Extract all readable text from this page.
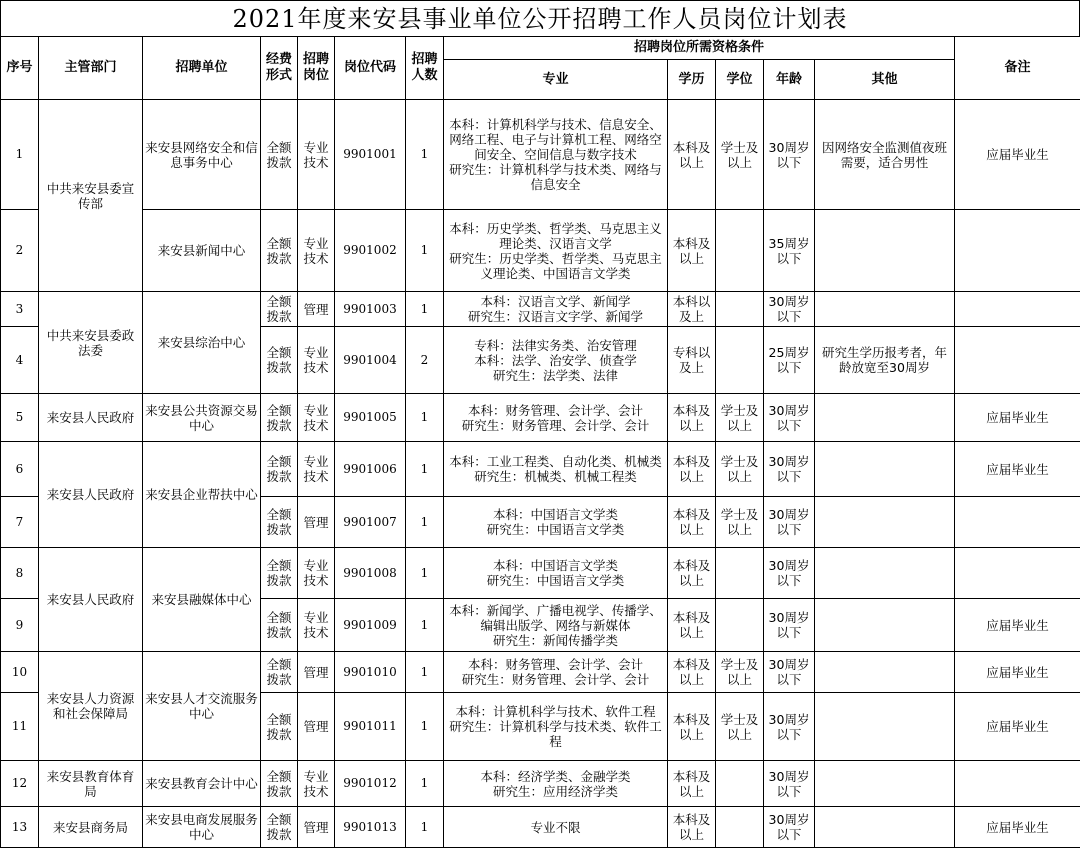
2021年度来安县事业单位公开招聘工作人员岗位计划表
序号	主管部门	招聘单位	经费形式	招聘岗位	岗位代码	招聘人数	招聘岗位所需资格条件					备注
							专业	学历	学位	年龄	其他	
1	中共来安县委宣传部	来安县网络安全和信息事务中心	全额拨款	专业技术	9901001	1	本科：计算机科学与技术、信息安全、网络工程、电子与计算机工程、网络空间安全、空间信息与数字技术
研究生：计算机科学与技术类、网络与信息安全	本科及以上	学士及以上	30周岁以下	因网络安全监测值夜班需要，适合男性	应届毕业生
2		来安县新闻中心	全额拨款	专业技术	9901002	1	本科：历史学类、哲学类、马克思主义理论类、汉语言文学
研究生：历史学类、哲学类、马克思主义理论类、中国语言文学类	本科及以上		35周岁以下		
3	中共来安县委政法委	来安县综治中心	全额拨款	管理	9901003	1	本科：汉语言文学、新闻学
研究生：汉语言文字学、新闻学	本科以及上		30周岁以下		
4			全额拨款	专业技术	9901004	2	专科：法律实务类、治安管理
本科：法学、治安学、侦查学
研究生：法学类、法律	专科以及上		25周岁以下	研究生学历报考者，年龄放宽至30周岁	
5	来安县人民政府	来安县公共资源交易中心	全额拨款	专业技术	9901005	1	本科：财务管理、会计学、会计
研究生：财务管理、会计学、会计	本科及以上	学士及以上	30周岁以下		应届毕业生
6	来安县人民政府	来安县企业帮扶中心	全额拨款	专业技术	9901006	1	本科：工业工程类、自动化类、机械类
研究生：机械类、机械工程类	本科及以上	学士及以上	30周岁以下		应届毕业生
7			全额拨款	管理	9901007	1	本科：中国语言文学类
研究生：中国语言文学类	本科及以上	学士及以上	30周岁以下		
8	来安县人民政府	来安县融媒体中心	全额拨款	专业技术	9901008	1	本科：中国语言文学类
研究生：中国语言文学类	本科及以上		30周岁以下		
9			全额拨款	专业技术	9901009	1	本科：新闻学、广播电视学、传播学、编辑出版学、网络与新媒体
研究生：新闻传播学类	本科及以上		30周岁以下		应届毕业生
10	来安县人力资源和社会保障局	来安县人才交流服务中心	全额拨款	管理	9901010	1	本科：财务管理、会计学、会计
研究生：财务管理、会计学、会计	本科及以上	学士及以上	30周岁以下		应届毕业生
11			全额拨款	管理	9901011	1	本科：计算机科学与技术、软件工程
研究生：计算机科学与技术类、软件工程	本科及以上	学士及以上	30周岁以下		应届毕业生
12	来安县教育体育局	来安县教育会计中心	全额拨款	专业技术	9901012	1	本科：经济学类、金融学类
研究生：应用经济学类	本科及以上		30周岁以下		
13	来安县商务局	来安县电商发展服务中心	全额拨款	管理	9901013	1	专业不限	本科及以上		30周岁以下		应届毕业生
